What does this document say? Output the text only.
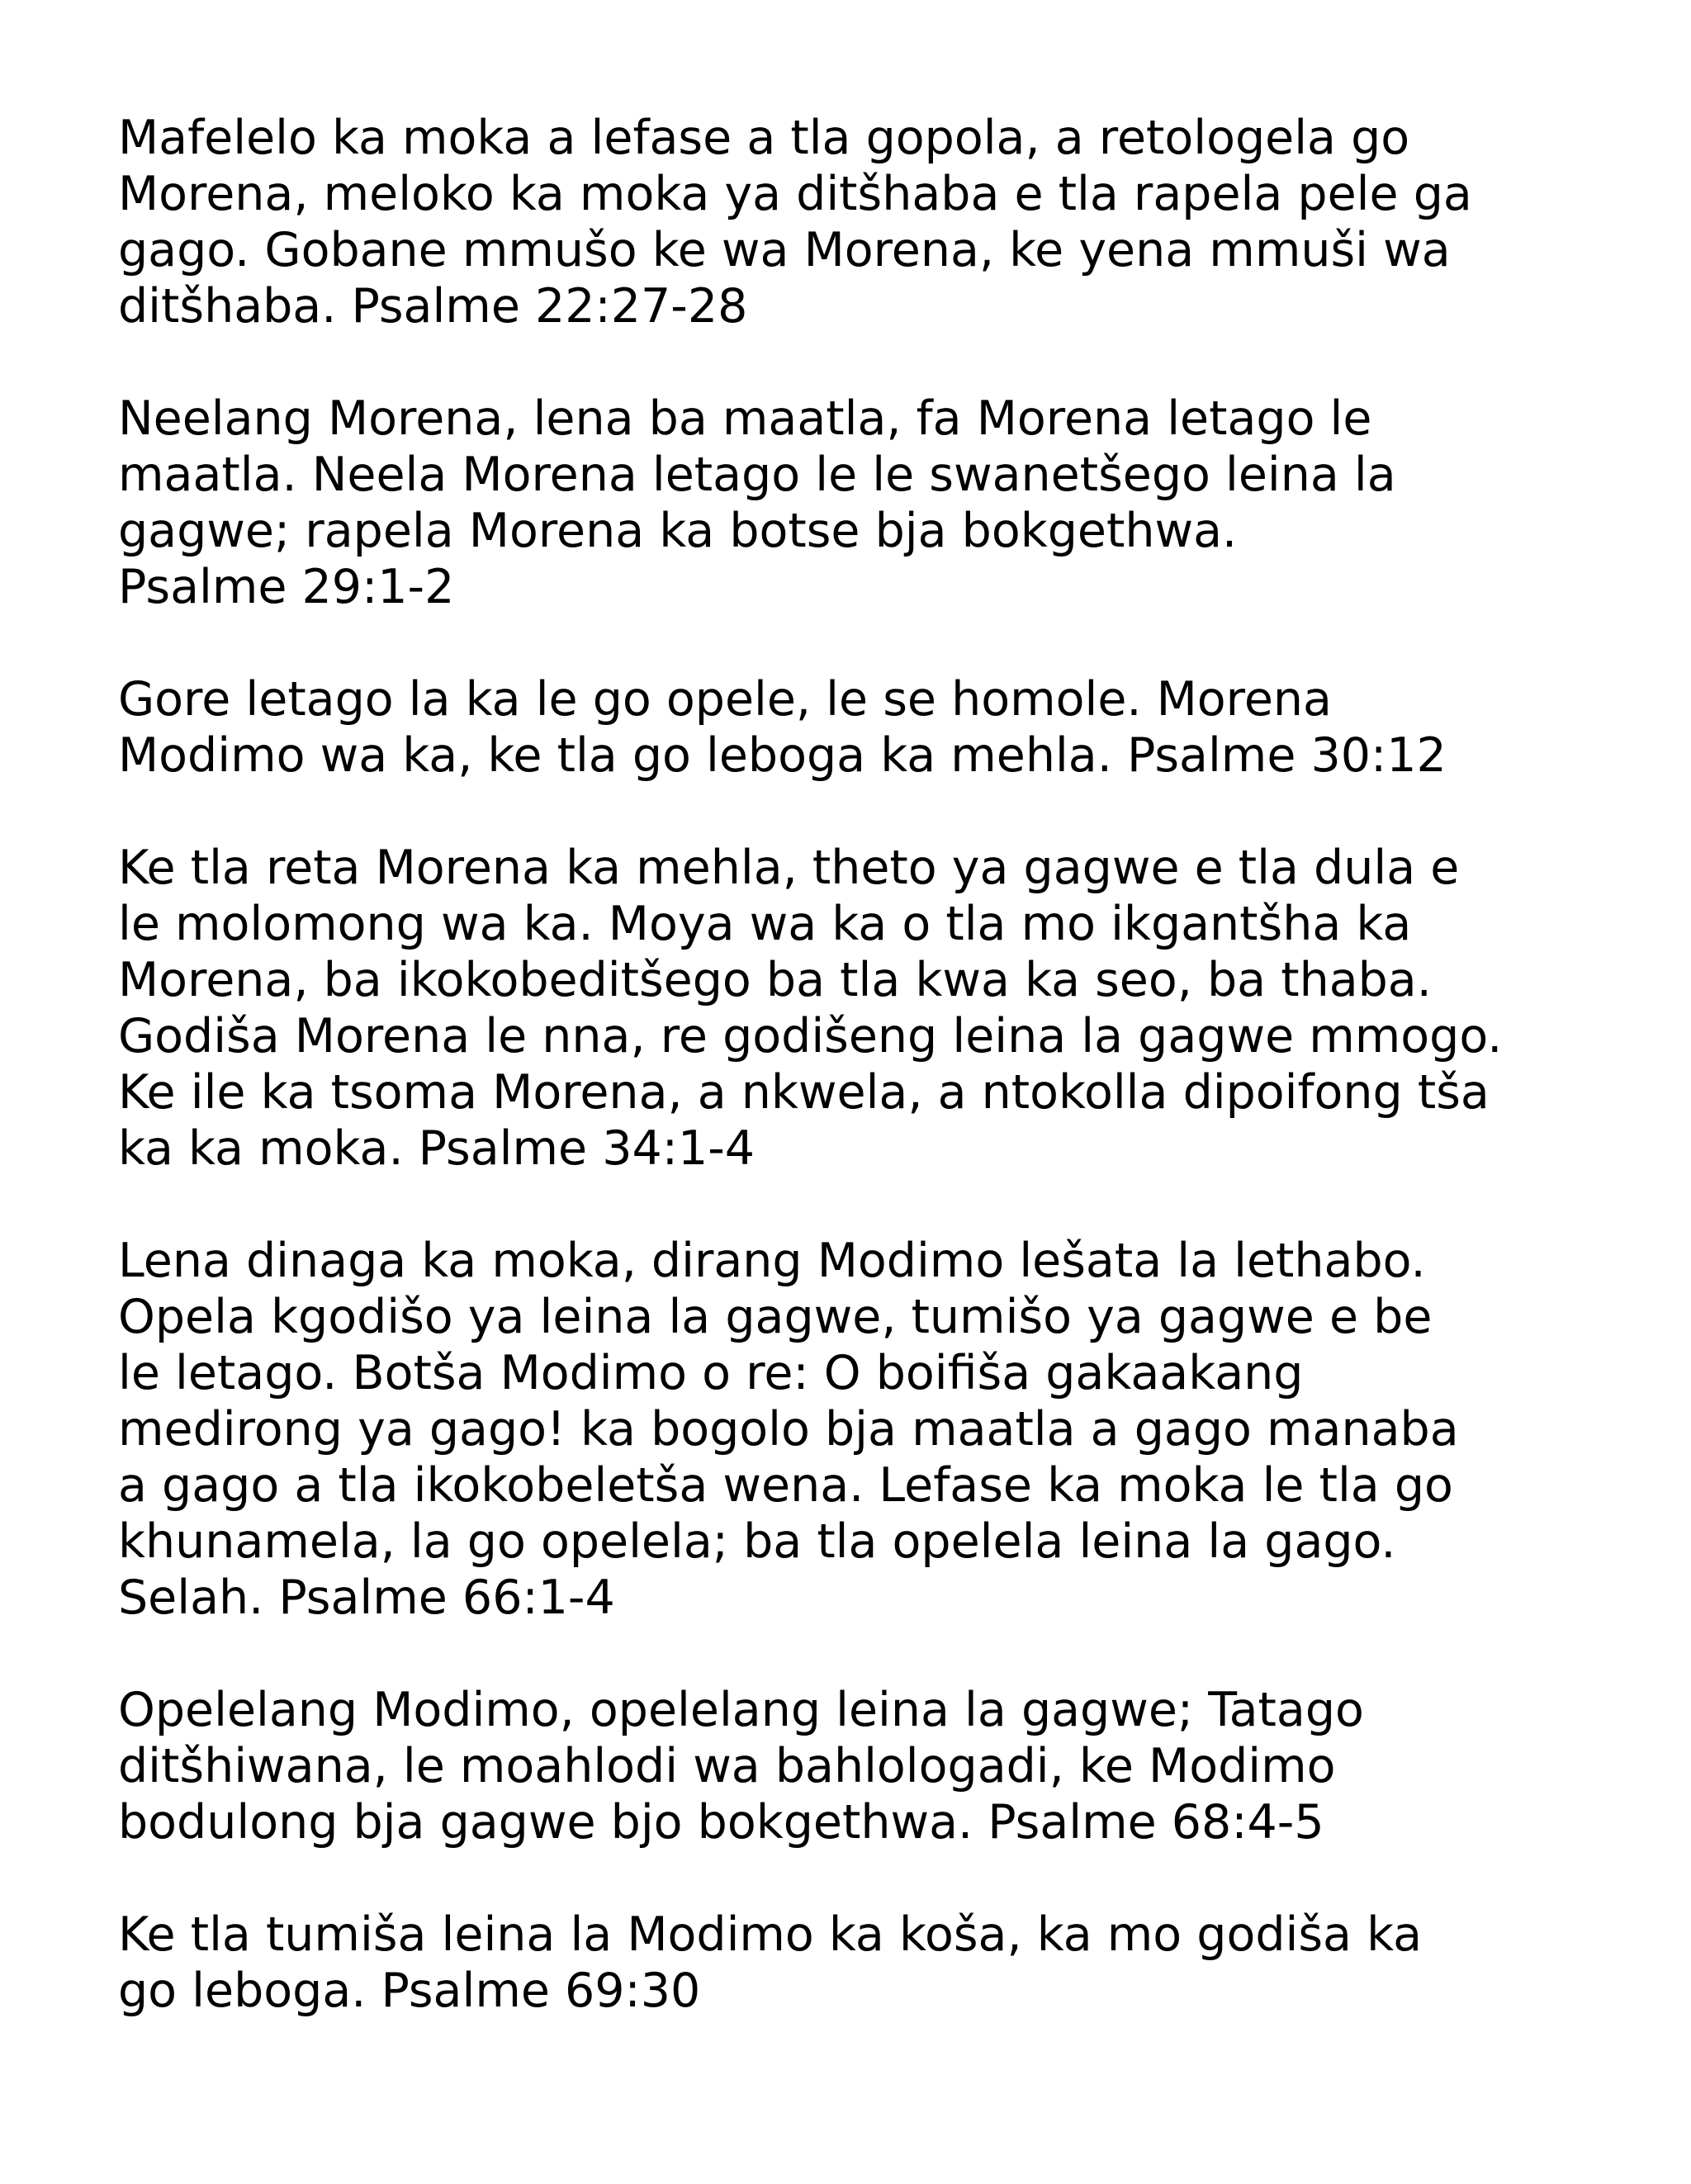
Mafelelo ka moka a lefase a tla gopola, a retologela go
Morena, meloko ka moka ya ditšhaba e tla rapela pele ga
gago. Gobane mmušo ke wa Morena, ke yena mmuši wa
ditšhaba. Psalme 22:27-28
Neelang Morena, lena ba maatla, fa Morena letago le
maatla. Neela Morena letago le le swanetšego leina la
gagwe; rapela Morena ka botse bja bokgethwa.
Psalme 29:1-2
Gore letago la ka le go opele, le se homole. Morena
Modimo wa ka, ke tla go leboga ka mehla. Psalme 30:12
Ke tla reta Morena ka mehla, theto ya gagwe e tla dula e
le molomong wa ka. Moya wa ka o tla mo ikgantšha ka
Morena, ba ikokobeditšego ba tla kwa ka seo, ba thaba.
Godiša Morena le nna, re godišeng leina la gagwe mmogo.
Ke ile ka tsoma Morena, a nkwela, a ntokolla dipoifong tša
ka ka moka. Psalme 34:1-4
Lena dinaga ka moka, dirang Modimo lešata la lethabo.
Opela kgodišo ya leina la gagwe, tumišo ya gagwe e be
le letago. Botša Modimo o re: O boifiša gakaakang
medirong ya gago! ka bogolo bja maatla a gago manaba
a gago a tla ikokobeletša wena. Lefase ka moka le tla go
khunamela, la go opelela; ba tla opelela leina la gago.
Selah. Psalme 66:1-4
Opelelang Modimo, opelelang leina la gagwe; Tatago
ditšhiwana, le moahlodi wa bahlologadi, ke Modimo
bodulong bja gagwe bjo bokgethwa. Psalme 68:4-5
Ke tla tumiša leina la Modimo ka koša, ka mo godiša ka
go leboga. Psalme 69:30
